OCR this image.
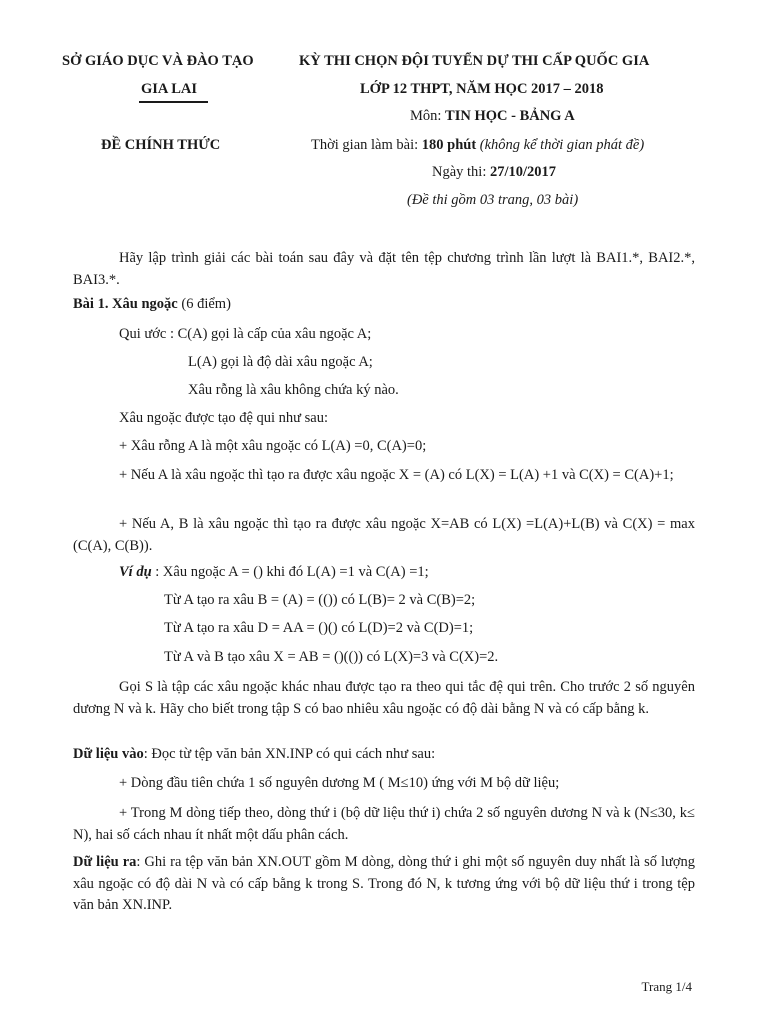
SỞ GIÁO DỤC VÀ ĐÀO TẠO
GIA LAI
ĐỀ CHÍNH THỨC
KỲ THI CHỌN ĐỘI TUYỂN DỰ THI CẤP QUỐC GIA
LỚP 12 THPT, NĂM HỌC 2017 – 2018
Môn: TIN HỌC - BẢNG A
Thời gian làm bài: 180 phút (không kể thời gian phát đề)
Ngày thi: 27/10/2017
(Đề thi gồm 03 trang, 03 bài)
Hãy lập trình giải các bài toán sau đây và đặt tên tệp chương trình lần lượt là BAI1.*, BAI2.*, BAI3.*.
Bài 1. Xâu ngoặc (6 điểm)
Qui ước : C(A) gọi là cấp của xâu ngoặc A;
L(A) gọi là độ dài xâu ngoặc A;
Xâu rỗng là xâu không chứa ký nào.
Xâu ngoặc được tạo đệ qui như sau:
+ Xâu rỗng A là một xâu ngoặc có L(A) =0, C(A)=0;
+ Nếu A là xâu ngoặc thì tạo ra được xâu ngoặc X = (A) có L(X) = L(A) +1 và C(X) = C(A)+1;
+ Nếu A, B là xâu ngoặc thì tạo ra được xâu ngoặc X=AB có L(X) =L(A)+L(B) và C(X) = max (C(A), C(B)).
Ví dụ : Xâu ngoặc A = () khi đó L(A) =1 và C(A) =1;
Từ A tạo ra xâu B = (A) = (()) có L(B)= 2 và C(B)=2;
Từ A tạo ra xâu D = AA = ()() có L(D)=2 và C(D)=1;
Từ A và B tạo xâu X = AB = ()(()) có L(X)=3 và C(X)=2.
Gọi S là tập các xâu ngoặc khác nhau được tạo ra theo qui tắc đệ qui trên. Cho trước 2 số nguyên dương N và k. Hãy cho biết trong tập S có bao nhiêu xâu ngoặc có độ dài bằng N và có cấp bằng k.
Dữ liệu vào: Đọc từ tệp văn bản XN.INP có qui cách như sau:
+ Dòng đầu tiên chứa 1 số nguyên dương M ( M≤10) ứng với M bộ dữ liệu;
+ Trong M dòng tiếp theo, dòng thứ i (bộ dữ liệu thứ i) chứa 2 số nguyên dương N và k (N≤30, k≤ N), hai số cách nhau ít nhất một dấu phân cách.
Dữ liệu ra: Ghi ra tệp văn bản XN.OUT gồm M dòng, dòng thứ i ghi một số nguyên duy nhất là số lượng xâu ngoặc có độ dài N và có cấp bằng k trong S. Trong đó N, k tương ứng với bộ dữ liệu thứ i trong tệp văn bản XN.INP.
Trang 1/4
